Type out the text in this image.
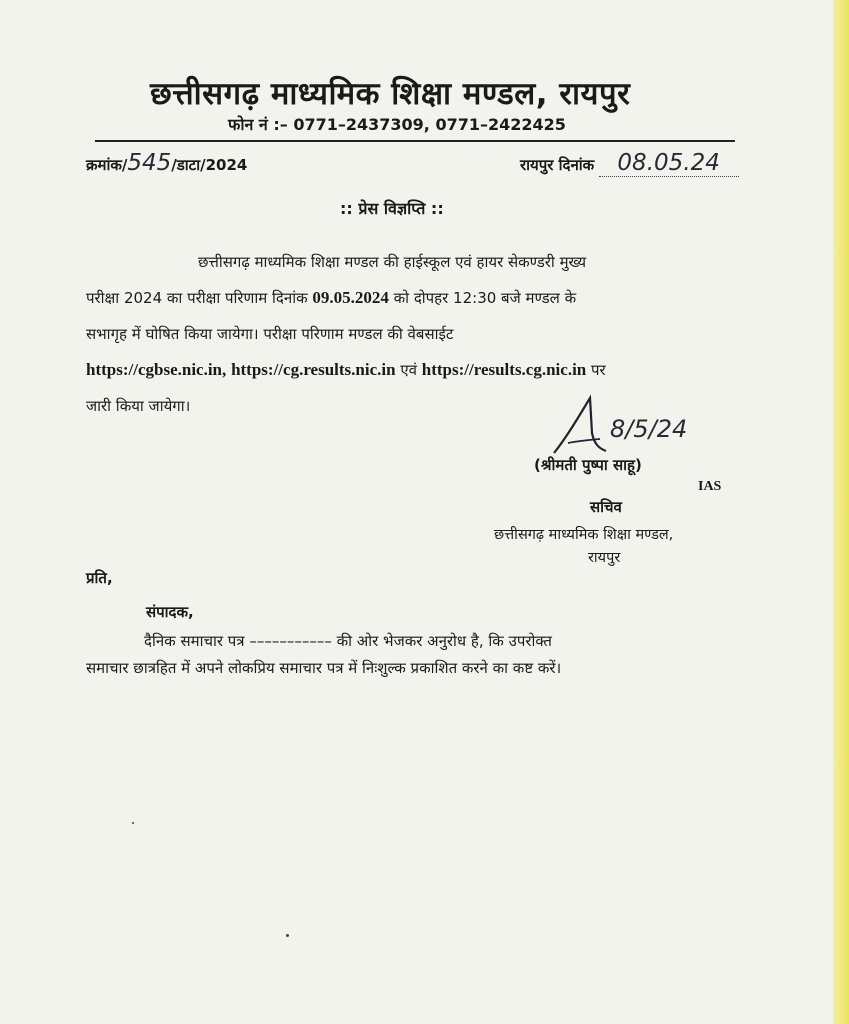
छत्तीसगढ़ माध्यमिक शिक्षा मण्डल, रायपुर
फोन नं :– 0771–2437309, 0771–2422425
क्रमांक/545/डाटा/2024	रायपुर दिनांक 08.05.24
:: प्रेस विज्ञप्ति ::
छत्तीसगढ़ माध्यमिक शिक्षा मण्डल की हाईस्कूल एवं हायर सेकण्डरी मुख्य
परीक्षा 2024 का परीक्षा परिणाम दिनांक 09.05.2024 को दोपहर 12:30 बजे मण्डल के
सभागृह में घोषित किया जायेगा। परीक्षा परिणाम मण्डल की वेबसाईट
https://cgbse.nic.in, https://cg.results.nic.in एवं https://results.cg.nic.in पर
जारी किया जायेगा।
8/5/24
(श्रीमती पुष्पा साहू)
IAS
सचिव
छत्तीसगढ़ माध्यमिक शिक्षा मण्डल,
रायपुर
प्रति,
संपादक,
दैनिक समाचार पत्र ––––––––––– की ओर भेजकर अनुरोध है, कि उपरोक्त
समाचार छात्रहित में अपने लोकप्रिय समाचार पत्र में निःशुल्क प्रकाशित करने का कष्ट करें।
